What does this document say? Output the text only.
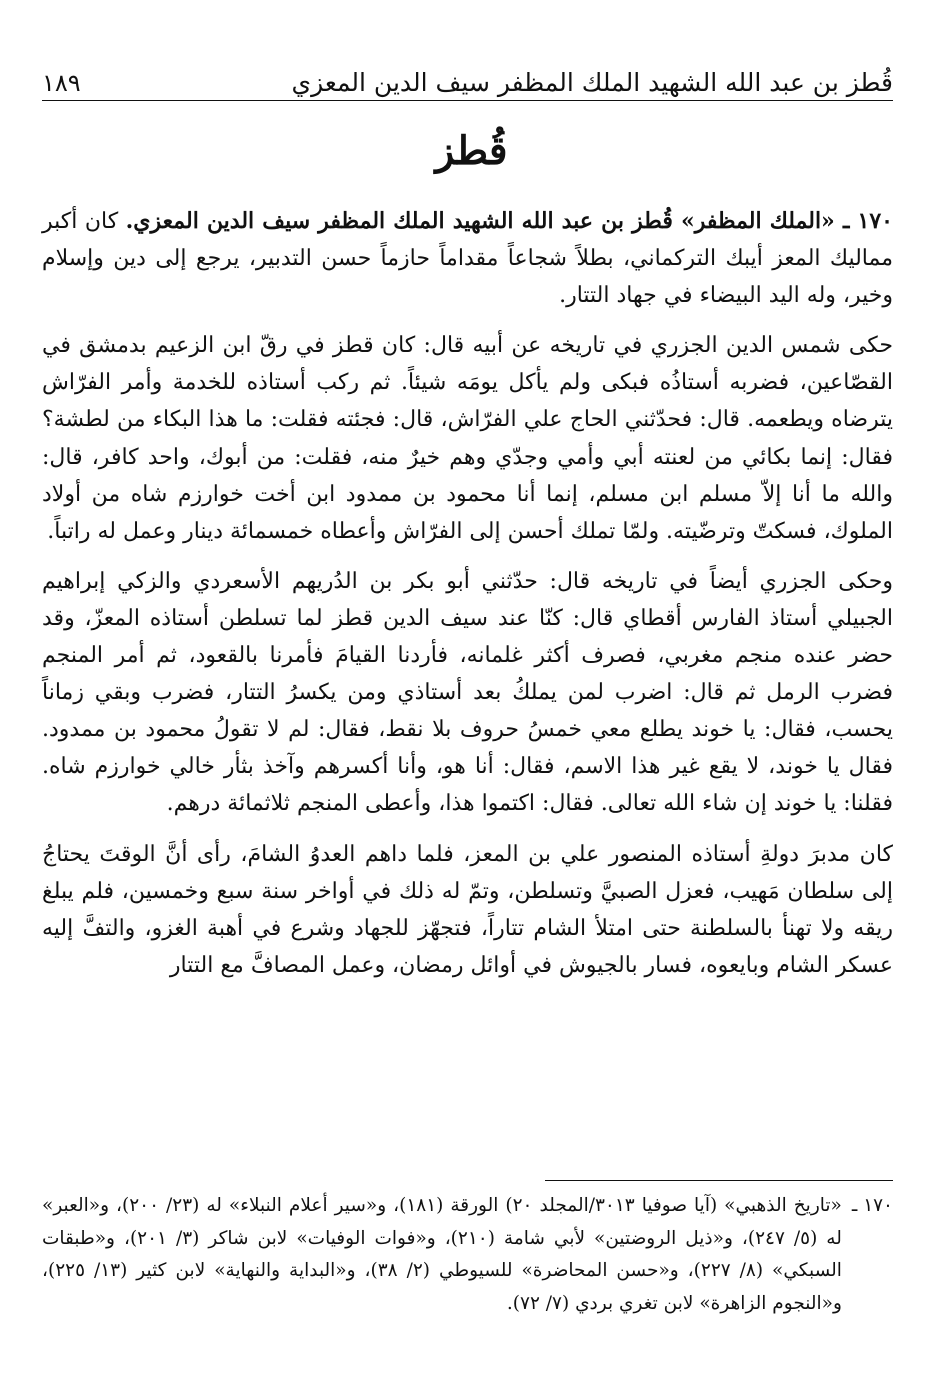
قُطز بن عبد الله الشهيد الملك المظفر سيف الدين المعزي
١٨٩
قُطز

١٧٠ ـ «الملك المظفر» قُطز بن عبد الله الشهيد الملك المظفر سيف الدين المعزي. كان أكبر مماليك المعز أيبك التركماني، بطلاً شجاعاً مقداماً حازماً حسن التدبير، يرجع إلى دين وإسلام وخير، وله اليد البيضاء في جهاد التتار.

حكى شمس الدين الجزري في تاريخه عن أبيه قال: كان قطز في رقّ ابن الزعيم بدمشق في القصّاعين، فضربه أستاذُه فبكى ولم يأكل يومَه شيئاً. ثم ركب أستاذه للخدمة وأمر الفرّاش يترضاه ويطعمه. قال: فحدّثني الحاج علي الفرّاش، قال: فجئته فقلت: ما هذا البكاء من لطشة؟ فقال: إنما بكائي من لعنته أبي وأمي وجدّي وهم خيرٌ منه، فقلت: من أبوك، واحد كافر، قال: والله ما أنا إلاّ مسلم ابن مسلم، إنما أنا محمود بن ممدود ابن أخت خوارزم شاه من أولاد الملوك، فسكتّ وترضّيته. ولمّا تملك أحسن إلى الفرّاش وأعطاه خمسمائة دينار وعمل له راتباً.

وحكى الجزري أيضاً في تاريخه قال: حدّثني أبو بكر بن الدُريهم الأسعردي والزكي إبراهيم الجبيلي أستاذ الفارس أقطاي قال: كنّا عند سيف الدين قطز لما تسلطن أستاذه المعزّ، وقد حضر عنده منجم مغربي، فصرف أكثر غلمانه، فأردنا القيامَ فأمرنا بالقعود، ثم أمر المنجم فضرب الرمل ثم قال: اضرب لمن يملكُ بعد أستاذي ومن يكسرُ التتار، فضرب وبقي زماناً يحسب، فقال: يا خوند يطلع معي خمسُ حروف بلا نقط، فقال: لم لا تقولُ محمود بن ممدود. فقال يا خوند، لا يقع غير هذا الاسم، فقال: أنا هو، وأنا أكسرهم وآخذ بثأر خالي خوارزم شاه. فقلنا: يا خوند إن شاء الله تعالى. فقال: اكتموا هذا، وأعطى المنجم ثلاثمائة درهم.

كان مدبرَ دولةِ أستاذه المنصور علي بن المعز، فلما داهم العدوُ الشامَ، رأى أنَّ الوقتَ يحتاجُ إلى سلطان مَهيب، فعزل الصبيَّ وتسلطن، وتمّ له ذلك في أواخر سنة سبع وخمسين، فلم يبلغ ريقه ولا تهنأ بالسلطنة حتى امتلأ الشام تتاراً، فتجهّز للجهاد وشرع في أهبة الغزو، والتفَّ إليه عسكر الشام وبايعوه، فسار بالجيوش في أوائل رمضان، وعمل المصافَّ مع التتار

١٧٠ ـ
«تاريخ الذهبي» (آيا صوفيا ٣٠١٣/المجلد ٢٠) الورقة (١٨١)، و«سير أعلام النبلاء» له (٢٣/ ٢٠٠)، و«العبر» له (٥/ ٢٤٧)، و«ذيل الروضتين» لأبي شامة (٢١٠)، و«فوات الوفيات» لابن شاكر (٣/ ٢٠١)، و«طبقات السبكي» (٨/ ٢٢٧)، و«حسن المحاضرة» للسيوطي (٢/ ٣٨)، و«البداية والنهاية» لابن كثير (١٣/ ٢٢٥)، و«النجوم الزاهرة» لابن تغري بردي (٧/ ٧٢).
